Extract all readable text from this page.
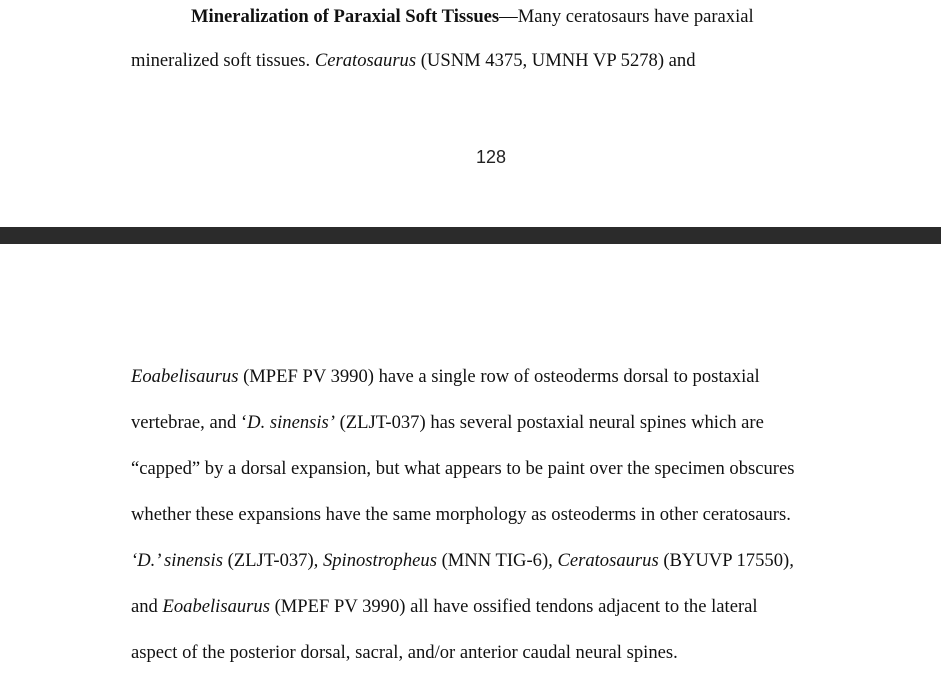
Mineralization of Paraxial Soft Tissues—Many ceratosaurs have paraxial
mineralized soft tissues. Ceratosaurus (USNM 4375, UMNH VP 5278) and
128
Eoabelisaurus (MPEF PV 3990) have a single row of osteoderms dorsal to postaxial
vertebrae, and ‘D. sinensis’ (ZLJT-037) has several postaxial neural spines which are
“capped” by a dorsal expansion, but what appears to be paint over the specimen obscures
whether these expansions have the same morphology as osteoderms in other ceratosaurs.
‘D.’ sinensis (ZLJT-037), Spinostropheus (MNN TIG-6), Ceratosaurus (BYUVP 17550),
and Eoabelisaurus (MPEF PV 3990) all have ossified tendons adjacent to the lateral
aspect of the posterior dorsal, sacral, and/or anterior caudal neural spines.
